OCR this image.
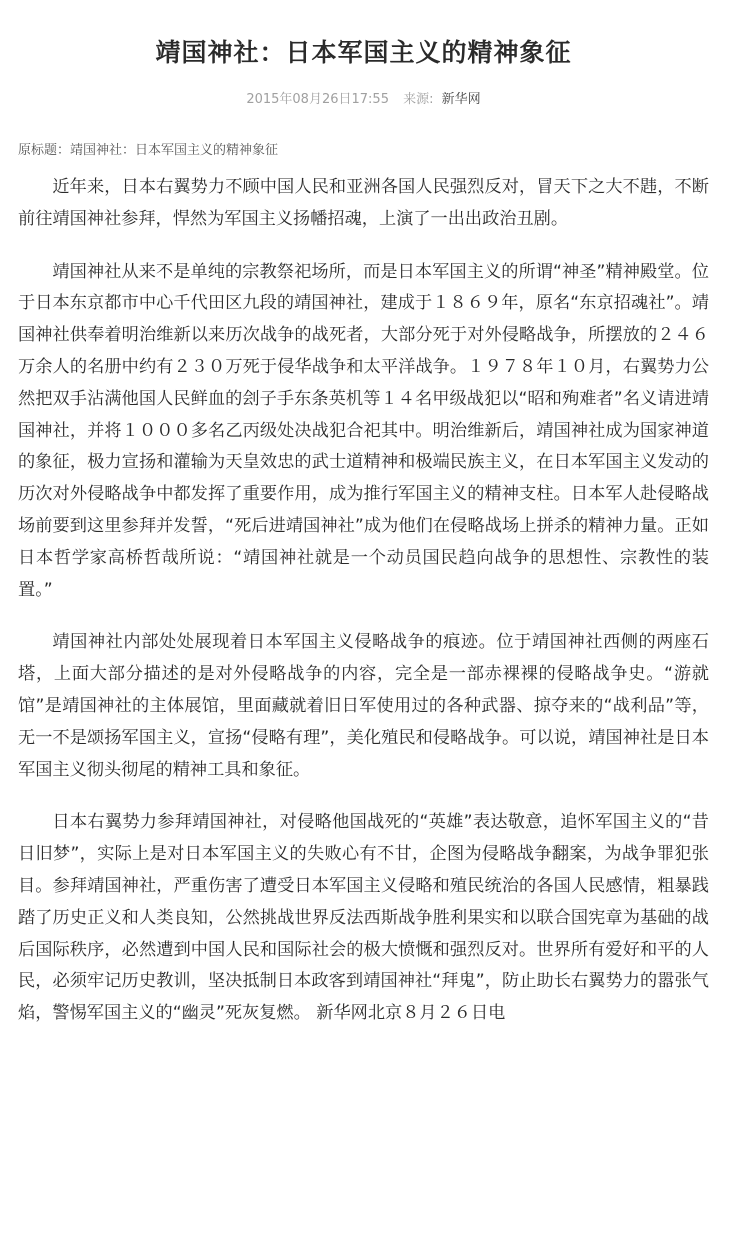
靖国神社：日本军国主义的精神象征
2015年08月26日17:55 来源: 新华网
原标题：靖国神社：日本军国主义的精神象征

近年来，日本右翼势力不顾中国人民和亚洲各国人民强烈反对，冒天下之大不韪，不断前往靖国神社参拜，悍然为军国主义扬幡招魂，上演了一出出政治丑剧。

靖国神社从来不是单纯的宗教祭祀场所，而是日本军国主义的所谓“神圣”精神殿堂。位于日本东京都市中心千代田区九段的靖国神社，建成于１８６９年，原名“东京招魂社”。靖国神社供奉着明治维新以来历次战争的战死者，大部分死于对外侵略战争，所摆放的２４６万余人的名册中约有２３０万死于侵华战争和太平洋战争。１９７８年１０月，右翼势力公然把双手沾满他国人民鲜血的刽子手东条英机等１４名甲级战犯以“昭和殉难者”名义请进靖国神社，并将１０００多名乙丙级处决战犯合祀其中。明治维新后，靖国神社成为国家神道的象征，极力宣扬和灌输为天皇效忠的武士道精神和极端民族主义，在日本军国主义发动的历次对外侵略战争中都发挥了重要作用，成为推行军国主义的精神支柱。日本军人赴侵略战场前要到这里参拜并发誓，“死后进靖国神社”成为他们在侵略战场上拼杀的精神力量。正如日本哲学家高桥哲哉所说：“靖国神社就是一个动员国民趋向战争的思想性、宗教性的装置。”

靖国神社内部处处展现着日本军国主义侵略战争的痕迹。位于靖国神社西侧的两座石塔，上面大部分描述的是对外侵略战争的内容，完全是一部赤裸裸的侵略战争史。“游就馆”是靖国神社的主体展馆，里面藏就着旧日军使用过的各种武器、掠夺来的“战利品”等，无一不是颂扬军国主义，宣扬“侵略有理”，美化殖民和侵略战争。可以说，靖国神社是日本军国主义彻头彻尾的精神工具和象征。

日本右翼势力参拜靖国神社，对侵略他国战死的“英雄”表达敬意，追怀军国主义的“昔日旧梦”，实际上是对日本军国主义的失败心有不甘，企图为侵略战争翻案，为战争罪犯张目。参拜靖国神社，严重伤害了遭受日本军国主义侵略和殖民统治的各国人民感情，粗暴践踏了历史正义和人类良知，公然挑战世界反法西斯战争胜利果实和以联合国宪章为基础的战后国际秩序，必然遭到中国人民和国际社会的极大愤慨和强烈反对。世界所有爱好和平的人民，必须牢记历史教训，坚决抵制日本政客到靖国神社“拜鬼”，防止助长右翼势力的嚣张气焰，警惕军国主义的“幽灵”死灰复燃。 新华网北京８月２６日电
